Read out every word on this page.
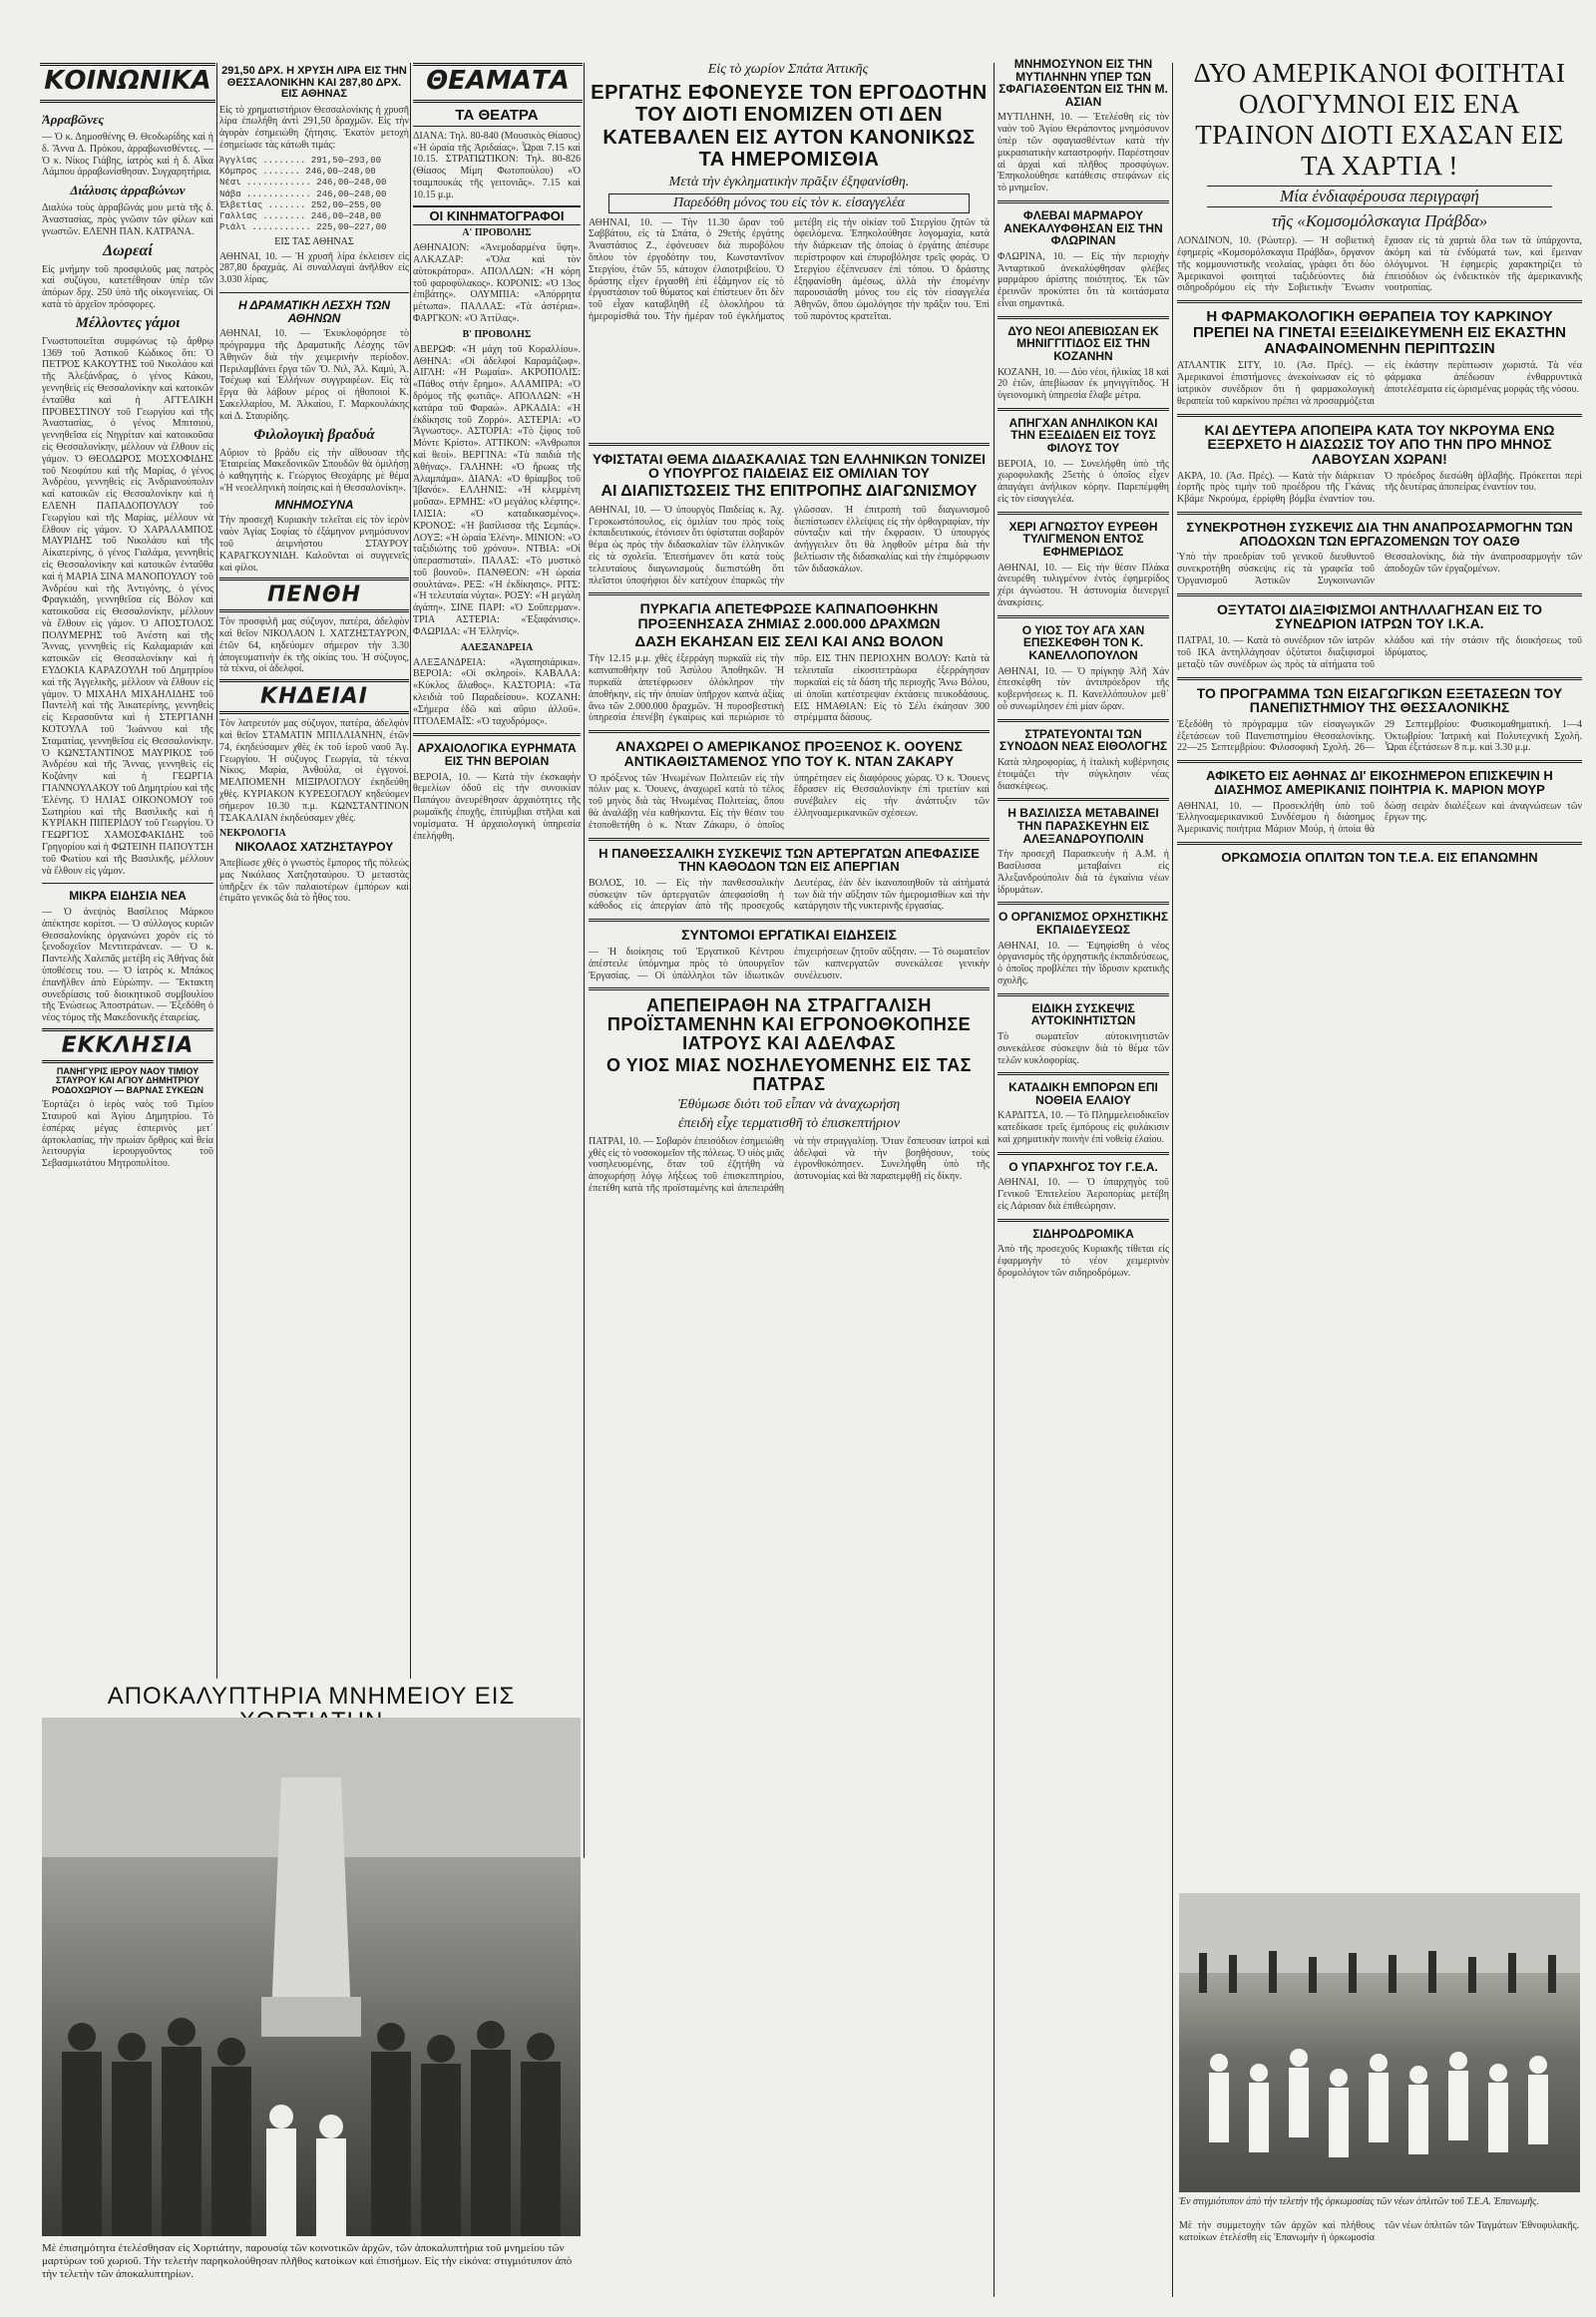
ΚΟΙΝΩΝΙΚΑ	ΘΕΑΜΑΤΑ	Εἰς τὸ χωρίον Σπάτα Ἀττικῆς
Ἀρραβῶνες
— Ὁ κ. Δημοσθένης Θ. Θεοδωρίδης καὶ ἡ δ. Ἄννα Δ. Πρόκου, ἀρραβωνισθέντες. — Ὁ κ. Νίκος Γιάβης, ἰατρὸς καὶ ἡ δ. Αἴκα Λάμπου ἀρραβωνίσθησαν. Συγχαρητήρια.
Διάλυσις ἀρραβώνων
Διαλύω τοὺς ἀρραβῶνάς μου μετὰ τῆς δ. Ἀναστασίας, πρὸς γνῶσιν τῶν φίλων καὶ γνωστῶν. ΕΛΕΝΗ ΠΑΝ. ΚΑΤΡΑΝΑ.
Δωρεαί
Εἰς μνήμην τοῦ προσφιλοῦς μας πατρὸς καὶ συζύγου, κατετέθησαν ὑπὲρ τῶν ἀπόρων δρχ. 250 ὑπὸ τῆς οἰκογενείας. Οἱ κατὰ τὸ ἀρχεῖον πρόσφορες.
Μέλλοντες γάμοι
Γνωστοποιεῖται συμφώνως τῷ ἄρθρῳ 1369 τοῦ Ἀστικοῦ Κώδικος ὅτι: Ὁ ΠΕΤΡΟΣ ΚΑΚΟΥΤΗΣ τοῦ Νικολάου καὶ τῆς Ἀλεξάνδρας, ὁ γένος Κάκου, γεννηθεὶς εἰς Θεσσαλονίκην καὶ κατοικῶν ἐνταῦθα καὶ ἡ ΑΓΓΕΛΙΚΗ ΠΡΟΒΕΣΤΙΝΟΥ τοῦ Γεωργίου καὶ τῆς Ἀναστασίας, ὁ γένος Μπιτσιού, γεννηθεῖσα εἰς Νηγρίταν καὶ κατοικοῦσα εἰς Θεσσαλονίκην, μέλλουν νὰ ἔλθουν εἰς γάμον. Ὁ ΘΕΟΔΩΡΟΣ ΜΟΣΧΟΦΙΔΗΣ τοῦ Νεοφύτου καὶ τῆς Μαρίας, ὁ γένος Ἀνδρέου, γεννηθεὶς εἰς Ἀνδριανούπολιν καὶ κατοικῶν εἰς Θεσσαλονίκην καὶ ἡ ΕΛΕΝΗ ΠΑΠΑΔΟΠΟΥΛΟΥ τοῦ Γεωργίου καὶ τῆς Μαρίας, μέλλουν νὰ ἔλθουν εἰς γάμον. Ὁ ΧΑΡΑΛΑΜΠΟΣ ΜΑΥΡΙΔΗΣ τοῦ Νικολάου καὶ τῆς Αἰκατερίνης, ὁ γένος Γιαλάμα, γεννηθεὶς εἰς Θεσσαλονίκην καὶ κατοικῶν ἐνταῦθα καὶ ἡ ΜΑΡΙΑ ΣΙΝΑ ΜΑΝΟΠΟΥΛΟΥ τοῦ Ἀνδρέου καὶ τῆς Ἀντιγόνης, ὁ γένος Φραγκιάδη, γεννηθεῖσα εἰς Βόλον καὶ κατοικοῦσα εἰς Θεσσαλονίκην, μέλλουν νὰ ἔλθουν εἰς γάμον. Ὁ ΑΠΟΣΤΟΛΟΣ ΠΟΛΥΜΕΡΗΣ τοῦ Ἀνέστη καὶ τῆς Ἄννας, γεννηθεὶς εἰς Καλαμαριάν καὶ κατοικῶν εἰς Θεσσαλονίκην καὶ ἡ ΕΥΔΟΚΙΑ ΚΑΡΑΖΟΥΛΗ τοῦ Δημητρίου καὶ τῆς Ἀγγελικῆς, μέλλουν νὰ ἔλθουν εἰς γάμον. Ὁ ΜΙΧΑΗΛ ΜΙΧΑΗΛΙΔΗΣ τοῦ Παντελῆ καὶ τῆς Ἀικατερίνης, γεννηθεὶς εἰς Κερασοῦντα καὶ ἡ ΣΤΕΡΓΙΑΝΗ ΚΟΤΟΥΛΑ τοῦ Ἰωάννου καὶ τῆς Σταματίας, γεννηθεῖσα εἰς Θεσσαλονίκην. Ὁ ΚΩΝΣΤΑΝΤΙΝΟΣ ΜΑΥΡΙΚΟΣ τοῦ Ἀνδρέου καὶ τῆς Ἄννας, γεννηθεὶς εἰς Κοζάνην καὶ ἡ ΓΕΩΡΓΙΑ ΓΙΑΝΝΟΥΛΑΚΟΥ τοῦ Δημητρίου καὶ τῆς Ἑλένης. Ὁ ΗΛΙΑΣ ΟΙΚΟΝΟΜΟΥ τοῦ Σωτηρίου καὶ τῆς Βασιλικῆς καὶ ἡ ΚΥΡΙΑΚΗ ΠΙΠΕΡΙΔΟΥ τοῦ Γεωργίου. Ὁ ΓΕΩΡΓΙΟΣ ΧΑΜΟΣΦΑΚΙΔΗΣ τοῦ Γρηγορίου καὶ ἡ ΦΩΤΕΙΝΗ ΠΑΠΟΥΤΣΗ τοῦ Φωτίου καὶ τῆς Βασιλικῆς, μέλλουν νὰ ἔλθουν εἰς γάμον.
ΜΙΚΡΑ ΕΙΔΗΣΙΑ ΝΕΑ
— Ὁ ἀνεψιὸς Βασίλειος Μάρκου ἀπέκτησε κορίτσι. — Ὁ σύλλογος κυριῶν Θεσσαλονίκης ὀργανώνει χορὸν εἰς τὸ ξενοδοχεῖον Μεντιτεράνεαν. — Ὁ κ. Παντελῆς Χαλεπᾶς μετέβη εἰς Ἀθήνας διὰ ὑποθέσεις του. — Ὁ ἰατρὸς κ. Μπάκος ἐπανῆλθεν ἀπὸ Εὐρώπην. — Ἔκτακτη συνεδρίασις τοῦ διοικητικοῦ συμβουλίου τῆς Ἑνώσεως Ἀποστράτων. — Ἐξεδόθη ὁ νέος τόμος τῆς Μακεδονικῆς ἑταιρείας.
ΕΚΚΛΗΣΙΑ
ΠΑΝΗΓΥΡΙΣ ΙΕΡΟΥ ΝΑΟΥ ΤΙΜΙΟΥ ΣΤΑΥΡΟΥ ΚΑΙ ΑΓΙΟΥ ΔΗΜΗΤΡΙΟΥ ΡΟΔΟΧΩΡΙΟΥ — ΒΑΡΝΑΣ ΣΥΚΕΩΝ
Ἑορτάζει ὁ ἱερὸς ναὸς τοῦ Τιμίου Σταυροῦ καὶ Ἁγίου Δημητρίου. Τὸ ἑσπέρας μέγας ἑσπερινὸς μετ᾽ ἀρτοκλασίας, τὴν πρωίαν ὄρθρος καὶ θεία λειτουργία ἱερουργοῦντος τοῦ Σεβασμιωτάτου Μητροπολίτου.
291,50 ΔΡΧ. Η ΧΡΥΣΗ ΛΙΡΑ ΕΙΣ ΤΗΝ ΘΕΣΣΑΛΟΝΙΚΗΝ ΚΑΙ 287,80 ΔΡΧ. ΕΙΣ ΑΘΗΝΑΣ
Εἰς τὸ χρηματιστήριον Θεσσαλονίκης ἡ χρυσῆ λίρα ἐπωλήθη ἀντὶ 291,50 δραχμῶν. Εἰς τὴν ἀγορὰν ἐσημειώθη ζήτησις. Ἑκατὸν μετοχὴ ἐσημείωσε τὰς κάτωθι τιμάς:
Ἀγγλίας ........ 291,50—293,00
Κόμπρος ....... 246,00—248,00
Νέαι ............ 246,00—248,00
Νάβα ............ 246,00—248,00
Ἑλβετίας ....... 252,00—255,00
Γαλλίας ........ 246,00—248,00
Ριάλι ........... 225,00—227,00
ΕΙΣ ΤΑΣ ΑΘΗΝΑΣ
ΑΘΗΝΑΙ, 10. — Ἡ χρυσῆ λίρα ἐκλεισεν εἰς 287,80 δραχμάς. Αἱ συναλλαγαὶ ἀνῆλθον εἰς 3.030 λίρας.
Η ΔΡΑΜΑΤΙΚΗ ΛΕΣΧΗ ΤΩΝ ΑΘΗΝΩΝ
ΑΘΗΝΑΙ, 10. — Ἐκυκλοφόρησε τὸ πρόγραμμα τῆς Δραματικῆς Λέσχης τῶν Ἀθηνῶν διὰ τὴν χειμερινὴν περίοδον. Περιλαμβάνει ἔργα τῶν Ὅ. Νιλ, Ἀλ. Καμύ, Ἀ. Τσέχωφ καὶ Ἑλλήνων συγγραφέων. Εἰς τὰ ἔργα θὰ λάβουν μέρος οἱ ἠθοποιοὶ Κ. Σακελλαρίου, Μ. Ἀλκαίου, Γ. Μαρκουλάκης καὶ Δ. Σταυρίδης.
Φιλολογικὴ βραδυά
Αὔριον τὸ βράδυ εἰς τὴν αἴθουσαν τῆς Ἑταιρείας Μακεδονικῶν Σπουδῶν θὰ ὁμιλήσῃ ὁ καθηγητὴς κ. Γεώργιος Θεοχάρης μὲ θέμα «Ἡ νεοελληνικὴ ποίησις καὶ ἡ Θεσσαλονίκη».
ΜΝΗΜΟΣΥΝΑ
Τὴν προσεχῆ Κυριακὴν τελεῖται εἰς τὸν ἱερὸν ναὸν Ἁγίας Σοφίας τὸ ἐξάμηνον μνημόσυνον τοῦ ἀειμνήστου ΣΤΑΥΡΟΥ ΚΑΡΑΓΚΟΥΝΙΔΗ. Καλοῦνται οἱ συγγενεῖς καὶ φίλοι.
ΠΕΝΘΗ
Τὸν προσφιλῆ μας σύζυγον, πατέρα, ἀδελφὸν καὶ θεῖον ΝΙΚΟΛΑΟΝ Ι. ΧΑΤΖΗΣΤΑΥΡΟΝ, ἐτῶν 64, κηδεύομεν σήμερον τὴν 3.30 ἀπογευματινὴν ἐκ τῆς οἰκίας του. Ἡ σύζυγος, τὰ τέκνα, οἱ ἀδελφοί.
ΚΗΔΕΙΑΙ
Τὸν λατρευτόν μας σύζυγον, πατέρα, ἀδελφὸν καὶ θεῖον ΣΤΑΜΑΤΙΝ ΜΠΙΛΛΙΑΝΗΝ, ἐτῶν 74, ἐκηδεύσαμεν χθὲς ἐκ τοῦ ἱεροῦ ναοῦ Ἁγ. Γεωργίου. Ἡ σύζυγος Γεωργία, τὰ τέκνα Νίκος, Μαρία, Ἀνθούλα, οἱ ἐγγονοί. ΜΕΛΠΟΜΕΝΗ ΜΙΞΙΡΛΟΓΛΟΥ ἐκηδεύθη χθὲς. ΚΥΡΙΑΚΟΝ ΚΥΡΕΣΟΓΛΟΥ κηδεύομεν σήμερον 10.30 π.μ. ΚΩΝΣΤΑΝΤΙΝΟΝ ΤΣΑΚΑΛΙΑΝ ἐκηδεύσαμεν χθές.
ΝΕΚΡΟΛΟΓΙΑ
ΝΙΚΟΛΑΟΣ ΧΑΤΖΗΣΤΑΥΡΟΥ
Ἀπεβίωσε χθὲς ὁ γνωστὸς ἔμπορος τῆς πόλεώς μας Νικόλαος Χατζησταύρου. Ὁ μεταστὰς ὑπῆρξεν ἐκ τῶν παλαιοτέρων ἐμπόρων καὶ ἐτιμᾶτο γενικῶς διὰ τὸ ἦθος του.
ΤΑ ΘΕΑΤΡΑ
ΔΙΑΝΑ: Τηλ. 80-840 (Μουσικὸς Θίασος) «Ἡ ὡραία τῆς Ἀριδαίας». Ὧραι 7.15 καὶ 10.15. ΣΤΡΑΤΙΩΤΙΚΟΝ: Τηλ. 80-826 (Θίασος Μίμη Φωτοπούλου) «Ὁ τσαμπουκάς τῆς γειτονιᾶς». 7.15 καὶ 10.15 μ.μ.
ΟΙ ΚΙΝΗΜΑΤΟΓΡΑΦΟΙ
Α' ΠΡΟΒΟΛΗΣ
ΑΘΗΝΑΙΟΝ: «Ἀνεμοδαρμένα ὕψη». ΑΛΚΑΖΑΡ: «Ὅλα καὶ τὸν αὐτοκράτορα». ΑΠΟΛΛΩΝ: «Ἡ κόρη τοῦ φαροφύλακος». ΚΟΡΟΝΙΣ: «Ὁ 13ος ἐπιβάτης». ΟΛΥΜΠΙΑ: «Ἀπόρρητα μέτωπα». ΠΑΛΛΑΣ: «Τὰ ἀστέρια». ΦΑΡΓΚΟΝ: «Ὁ Ἀττίλας».
Β' ΠΡΟΒΟΛΗΣ
ΑΒΕΡΩΦ: «Ἡ μάχη τοῦ Κοραλλίου». ΑΘΗΝΑ: «Οἱ ἀδελφοὶ Καραμάζωφ». ΑΙΓΛΗ: «Ἡ Ρωμαία». ΑΚΡΟΠΟΛΙΣ: «Πάθος στὴν ἔρημο». ΑΛΑΜΠΡΑ: «Ὁ δρόμος τῆς φωτιᾶς». ΑΠΟΛΛΩΝ: «Ἡ κατάρα τοῦ Φαραώ». ΑΡΚΑΔΙΑ: «Ἡ ἐκδίκησις τοῦ Ζορρό». ΑΣΤΕΡΙΑ: «Ὁ Ἄγνωστος». ΑΣΤΟΡΙΑ: «Τὸ ξίφος τοῦ Μόντε Κρίστο». ΑΤΤΙΚΟΝ: «Ἀνθρωποι καὶ θεοί». ΒΕΡΓΙΝΑ: «Τὰ παιδιὰ τῆς Ἀθήνας». ΓΑΛΗΝΗ: «Ὁ ἥρωας τῆς Ἀλαμπάμα». ΔΙΑΝΑ: «Ὁ θρίαμβος τοῦ Ἰβανόε». ΕΛΛΗΝΙΣ: «Ἡ κλεμμένη μοῦσα». ΕΡΜΗΣ: «Ὁ μεγάλος κλέφτης». ΙΛΙΣΙΑ: «Ὁ καταδικασμένος». ΚΡΟΝΟΣ: «Ἡ βασίλισσα τῆς Σεμπάς». ΛΟΥΞ: «Ἡ ὡραία Ἑλένη». ΜΙΝΙΟΝ: «Ὁ ταξιδιώτης τοῦ χρόνου». ΝΤΒΙΑ: «Οἱ ὑπερασπισταί». ΠΑΛΑΣ: «Τὸ μυστικὸ τοῦ βουνοῦ». ΠΑΝΘΕΟΝ: «Ἡ ὡραία σουλτάνα». ΡΕΞ: «Ἡ ἐκδίκησις». ΡΙΤΣ: «Ἡ τελευταία νύχτα». ΡΟΞΥ: «Ἡ μεγάλη ἀγάπη». ΣΙΝΕ ΠΑΡΙ: «Ὁ Σοῦπερμαν». ΤΡΙΑ ΑΣΤΕΡΙΑ: «Ἐξαφάνισις». ΦΛΩΡΙΔΑ: «Ἡ Ἑλληνίς».
ΑΛΕΞΑΝΔΡΕΙΑ
ΑΛΕΞΑΝΔΡΕΙΑ: «Ἀγαπησιάρικα». ΒΕΡΟΙΑ: «Οἱ σκληροί». ΚΑΒΑΛΑ: «Κύκλος ἄλαθος». ΚΑΣΤΟΡΙΑ: «Τὰ κλειδιὰ τοῦ Παραδείσου». ΚΟΖΑΝΗ: «Σήμερα ἐδῶ καὶ αὔριο ἀλλοῦ». ΠΤΟΛΕΜΑΪΣ: «Ὁ ταχυδρόμος».
ΑΡΧΑΙΟΛΟΓΙΚΑ ΕΥΡΗΜΑΤΑ ΕΙΣ ΤΗΝ ΒΕΡΟΙΑΝ
ΒΕΡΟΙΑ, 10. — Κατὰ τὴν ἐκσκαφὴν θεμελίων ὁδοῦ εἰς τὴν συνοικίαν Παπάγου ἀνευρέθησαν ἀρχαιότητες τῆς ρωμαϊκῆς ἐποχῆς, ἐπιτύμβιαι στῆλαι καὶ νομίσματα. Ἡ ἀρχαιολογικὴ ὑπηρεσία ἐπελήφθη.
ΕΡΓΑΤΗΣ ΕΦΟΝΕΥΣΕ ΤΟΝ ΕΡΓΟΔΟΤΗΝ ΤΟΥ ΔΙΟΤΙ ΕΝΟΜΙΖΕΝ ΟΤΙ ΔΕΝ ΚΑΤΕΒΑΛΕΝ ΕΙΣ ΑΥΤΟΝ ΚΑΝΟΝΙΚΩΣ ΤΑ ΗΜΕΡΟΜΙΣΘΙΑ
Μετὰ τὴν ἐγκληματικὴν πρᾶξιν ἐξηφανίσθη.
Παρεδόθη μόνος του εἰς τὸν κ. εἰσαγγελέα
ΑΘΗΝΑΙ, 10. — Τὴν 11.30 ὥραν τοῦ Σαββάτου, εἰς τὰ Σπάτα, ὁ 29ετὴς ἐργάτης Ἀναστάσιος Ζ., ἐφόνευσεν διὰ πυροβόλου ὅπλου τὸν ἐργοδότην του, Κωνσταντῖνον Στεργίου, ἐτῶν 55, κάτοχον ἐλαιοτριβείου. Ὁ δράστης εἶχεν ἐργασθῆ ἐπὶ ἑξάμηνον εἰς τὸ ἐργοστάσιον τοῦ θύματος καὶ ἐπίστευεν ὅτι δὲν τοῦ εἶχαν καταβληθῆ ἐξ ὁλοκλήρου τὰ ἡμερομίσθιά του. Τὴν ἡμέραν τοῦ ἐγκλήματος μετέβη εἰς τὴν οἰκίαν τοῦ Στεργίου ζητῶν τὰ ὀφειλόμενα. Ἐπηκολούθησε λογομαχία, κατὰ τὴν διάρκειαν τῆς ὁποίας ὁ ἐργάτης ἀπέσυρε περίστροφον καὶ ἐπυροβόλησε τρεῖς φοράς. Ὁ Στεργίου ἐξέπνευσεν ἐπὶ τόπου. Ὁ δράστης ἐξηφανίσθη ἀμέσως, ἀλλὰ τὴν ἐπομένην παρουσιάσθη μόνος του εἰς τὸν εἰσαγγελέα Ἀθηνῶν, ὅπου ὡμολόγησε τὴν πρᾶξιν του. Ἐπὶ τοῦ παρόντος κρατεῖται.
ΥΦΙΣΤΑΤΑΙ ΘΕΜΑ ΔΙΔΑΣΚΑΛΙΑΣ ΤΩΝ ΕΛΛΗΝΙΚΩΝ ΤΟΝΙΖΕΙ Ο ΥΠΟΥΡΓΟΣ ΠΑΙΔΕΙΑΣ ΕΙΣ ΟΜΙΛΙΑΝ ΤΟΥ
ΑΙ ΔΙΑΠΙΣΤΩΣΕΙΣ ΤΗΣ ΕΠΙΤΡΟΠΗΣ ΔΙΑΓΩΝΙΣΜΟΥ
ΑΘΗΝΑΙ, 10. — Ὁ ὑπουργὸς Παιδείας κ. Ἀχ. Γεροκωστόπουλος, εἰς ὁμιλίαν του πρὸς τοὺς ἐκπαιδευτικούς, ἐτόνισεν ὅτι ὑφίσταται σοβαρὸν θέμα ὡς πρὸς τὴν διδασκαλίαν τῶν ἑλληνικῶν εἰς τὰ σχολεῖα. Ἐπεσήμανεν ὅτι κατὰ τοὺς τελευταίους διαγωνισμοὺς διεπιστώθη ὅτι πλεῖστοι ὑποψήφιοι δὲν κατέχουν ἐπαρκῶς τὴν γλῶσσαν. Ἡ ἐπιτροπὴ τοῦ διαγωνισμοῦ διεπίστωσεν ἐλλείψεις εἰς τὴν ὀρθογραφίαν, τὴν σύνταξιν καὶ τὴν ἔκφρασιν. Ὁ ὑπουργὸς ἀνήγγειλεν ὅτι θὰ ληφθοῦν μέτρα διὰ τὴν βελτίωσιν τῆς διδασκαλίας καὶ τὴν ἐπιμόρφωσιν τῶν διδασκάλων.
ΠΥΡΚΑΓΙΑ ΑΠΕΤΕΦΡΩΣΕ ΚΑΠΝΑΠΟΘΗΚΗΝ ΠΡΟΞΕΝΗΣΑΣΑ ΖΗΜΙΑΣ 2.000.000 ΔΡΑΧΜΩΝ
ΔΑΣΗ ΕΚΑΗΣΑΝ ΕΙΣ ΣΕΛΙ ΚΑΙ ΑΝΩ ΒΟΛΟΝ
Τὴν 12.15 μ.μ. χθὲς ἐξερράγη πυρκαϊὰ εἰς τὴν καπναποθήκην τοῦ Ἀσύλου Ἀποθηκῶν. Ἡ πυρκαϊὰ ἀπετέφρωσεν ὁλόκληρον τὴν ἀποθήκην, εἰς τὴν ὁποίαν ὑπῆρχον καπνὰ ἀξίας ἄνω τῶν 2.000.000 δραχμῶν. Ἡ πυροσβεστικὴ ὑπηρεσία ἐπενέβη ἐγκαίρως καὶ περιώρισε τὸ πῦρ. ΕΙΣ ΤΗΝ ΠΕΡΙΟΧΗΝ ΒΟΛΟΥ: Κατὰ τὰ τελευταῖα εἰκοσιτετράωρα ἐξερράγησαν πυρκαϊαὶ εἰς τὰ δάση τῆς περιοχῆς Ἄνω Βόλου, αἱ ὁποῖαι κατέστρεψαν ἐκτάσεις πευκοδάσους. ΕΙΣ ΗΜΑΘΙΑΝ: Εἰς τὸ Σέλι ἐκάησαν 300 στρέμματα δάσους.
ΑΝΑΧΩΡΕΙ Ο ΑΜΕΡΙΚΑΝΟΣ ΠΡΟΞΕΝΟΣ Κ. ΟΟΥΕΝΣ ΑΝΤΙΚΑΘΙΣΤΑΜΕΝΟΣ ΥΠΟ ΤΟΥ Κ. ΝΤΑΝ ΖΑΚΑΡΥ
Ὁ πρόξενος τῶν Ἡνωμένων Πολιτειῶν εἰς τὴν πόλιν μας κ. Ὄουενς, ἀναχωρεῖ κατὰ τὸ τέλος τοῦ μηνὸς διὰ τὰς Ἡνωμένας Πολιτείας, ὅπου θὰ ἀναλάβῃ νέα καθήκοντα. Εἰς τὴν θέσιν του ἐτοποθετήθη ὁ κ. Νταν Ζάκαρυ, ὁ ὁποῖος ὑπηρέτησεν εἰς διαφόρους χώρας. Ὁ κ. Ὄουενς ἔδρασεν εἰς Θεσσαλονίκην ἐπὶ τριετίαν καὶ συνέβαλεν εἰς τὴν ἀνάπτυξιν τῶν ἑλληνοαμερικανικῶν σχέσεων.
Η ΠΑΝΘΕΣΣΑΛΙΚΗ ΣΥΣΚΕΨΙΣ ΤΩΝ ΑΡΤΕΡΓΑΤΩΝ ΑΠΕΦΑΣΙΣΕ ΤΗΝ ΚΑΘΟΔΟΝ ΤΩΝ ΕΙΣ ΑΠΕΡΓΙΑΝ
ΒΟΛΟΣ, 10. — Εἰς τὴν πανθεσσαλικὴν σύσκεψιν τῶν ἀρτεργατῶν ἀπεφασίσθη ἡ κάθοδος εἰς ἀπεργίαν ἀπὸ τῆς προσεχοῦς Δευτέρας, ἐὰν δὲν ἱκανοποιηθοῦν τὰ αἰτήματά των διὰ τὴν αὔξησιν τῶν ἡμερομισθίων καὶ τὴν κατάργησιν τῆς νυκτερινῆς ἐργασίας.
ΣΥΝΤΟΜΟΙ ΕΡΓΑΤΙΚΑΙ ΕΙΔΗΣΕΙΣ
— Ἡ διοίκησις τοῦ Ἐργατικοῦ Κέντρου ἀπέστειλε ὑπόμνημα πρὸς τὸ ὑπουργεῖον Ἐργασίας. — Οἱ ὑπάλληλοι τῶν ἰδιωτικῶν ἐπιχειρήσεων ζητοῦν αὔξησιν. — Τὸ σωματεῖον τῶν καπνεργατῶν συνεκάλεσε γενικὴν συνέλευσιν.
ΑΠΕΠΕΙΡΑΘΗ ΝΑ ΣΤΡΑΓΓΑΛΙΣΗ ΠΡΟΪΣΤΑΜΕΝΗΝ ΚΑΙ ΕΓΡΟΝΟΘΚΟΠΗΣΕ ΙΑΤΡΟΥΣ ΚΑΙ ΑΔΕΛΦΑΣ
Ο ΥΙΟΣ ΜΙΑΣ ΝΟΣΗΛΕΥΟΜΕΝΗΣ ΕΙΣ ΤΑΣ ΠΑΤΡΑΣ
Ἐθύμωσε διότι τοῦ εἶπαν νὰ ἀναχωρήση
ἐπειδὴ εἶχε τερματισθῆ τὸ ἐπισκεπτήριον
ΠΑΤΡΑΙ, 10. — Σοβαρὸν ἐπεισόδιον ἐσημειώθη χθὲς εἰς τὸ νοσοκομεῖον τῆς πόλεως. Ὁ υἱὸς μιᾶς νοσηλευομένης, ὅταν τοῦ ἐζητήθη νὰ ἀποχωρήσῃ λόγῳ λήξεως τοῦ ἐπισκεπτηρίου, ἐπετέθη κατὰ τῆς προϊσταμένης καὶ ἀπεπειράθη νὰ τὴν στραγγαλίσῃ. Ὅταν ἔσπευσαν ἰατροὶ καὶ ἀδελφαὶ νὰ τὴν βοηθήσουν, τοὺς ἐγρονθοκόπησεν. Συνελήφθη ὑπὸ τῆς ἀστυνομίας καὶ θὰ παραπεμφθῇ εἰς δίκην.
ΜΝΗΜΟΣΥΝΟΝ ΕΙΣ ΤΗΝ ΜΥΤΙΛΗΝΗΝ ΥΠΕΡ ΤΩΝ ΣΦΑΓΙΑΣΘΕΝΤΩΝ ΕΙΣ ΤΗΝ Μ. ΑΣΙΑΝ
ΜΥΤΙΛΗΝΗ, 10. — Ἐτελέσθη εἰς τὸν ναὸν τοῦ Ἁγίου Θεράποντος μνημόσυνον ὑπὲρ τῶν σφαγιασθέντων κατὰ τὴν μικρασιατικὴν καταστροφήν. Παρέστησαν αἱ ἀρχαὶ καὶ πλῆθος προσφύγων. Ἐπηκολούθησε κατάθεσις στεφάνων εἰς τὸ μνημεῖον.
ΦΛΕΒΑΙ ΜΑΡΜΑΡΟΥ ΑΝΕΚΑΛΥΦΘΗΣΑΝ ΕΙΣ ΤΗΝ ΦΛΩΡΙΝΑΝ
ΦΛΩΡΙΝΑ, 10. — Εἰς τὴν περιοχὴν Ἀνταρτικοῦ ἀνεκαλύφθησαν φλέβες μαρμάρου ἀρίστης ποιότητος. Ἐκ τῶν ἐρευνῶν προκύπτει ὅτι τὰ κοιτάσματα εἶναι σημαντικά.
ΔΥΟ ΝΕΟΙ ΑΠΕΒΙΩΣΑΝ ΕΚ ΜΗΝΙΓΓΙΤΙΔΟΣ ΕΙΣ ΤΗΝ ΚΟΖΑΝΗΝ
ΚΟΖΑΝΗ, 10. — Δύο νέοι, ἡλικίας 18 καὶ 20 ἐτῶν, ἀπεβίωσαν ἐκ μηνιγγίτιδος. Ἡ ὑγειονομικὴ ὑπηρεσία ἔλαβε μέτρα.
ΑΠΗΓΧΑΝ ΑΝΗΛΙΚΟΝ ΚΑΙ ΤΗΝ ΕΞΕΔΙΔΕΝ ΕΙΣ ΤΟΥΣ ΦΙΛΟΥΣ ΤΟΥ
ΒΕΡΟΙΑ, 10. — Συνελήφθη ὑπὸ τῆς χωροφυλακῆς 25ετὴς ὁ ὁποῖος εἶχεν ἀπαγάγει ἀνήλικον κόρην. Παρεπέμφθη εἰς τὸν εἰσαγγελέα.
ΧΕΡΙ ΑΓΝΩΣΤΟΥ ΕΥΡΕΘΗ ΤΥΛΙΓΜΕΝΟΝ ΕΝΤΟΣ ΕΦΗΜΕΡΙΔΟΣ
ΑΘΗΝΑΙ, 10. — Εἰς τὴν θέσιν Πλάκα ἀνευρέθη τυλιγμένον ἐντὸς ἐφημερίδος χέρι ἀγνώστου. Ἡ ἀστυνομία διενεργεῖ ἀνακρίσεις.
Ο ΥΙΟΣ ΤΟΥ ΑΓΑ ΧΑΝ ΕΠΕΣΚΕΦΘΗ ΤΟΝ Κ. ΚΑΝΕΛΛΟΠΟΥΛΟΝ
ΑΘΗΝΑΙ, 10. — Ὁ πρίγκηψ Ἀλῆ Χάν ἐπεσκέφθη τὸν ἀντιπρόεδρον τῆς κυβερνήσεως κ. Π. Κανελλόπουλον μεθ᾽ οὗ συνωμίλησεν ἐπὶ μίαν ὥραν.
ΣΤΡΑΤΕΥΟΝΤΑΙ ΤΩΝ ΣΥΝΟΔΟΝ ΝΕΑΣ ΕΙΘΟΛΟΓΗΣ
Κατὰ πληροφορίας, ἡ ἰταλικὴ κυβέρνησις ἐτοιμάζει τὴν σύγκλησιν νέας διασκέψεως.
Η ΒΑΣΙΛΙΣΣΑ ΜΕΤΑΒΑΙΝΕΙ ΤΗΝ ΠΑΡΑΣΚΕΥΗΝ ΕΙΣ ΑΛΕΞΑΝΔΡΟΥΠΟΛΙΝ
Τὴν προσεχῆ Παρασκευὴν ἡ Α.Μ. ἡ Βασίλισσα μεταβαίνει εἰς Ἀλεξανδρούπολιν διὰ τὰ ἐγκαίνια νέων ἱδρυμάτων.
Ο ΟΡΓΑΝΙΣΜΟΣ ΟΡΧΗΣΤΙΚΗΣ ΕΚΠΑΙΔΕΥΣΕΩΣ
ΑΘΗΝΑΙ, 10. — Ἐψηφίσθη ὁ νέος ὀργανισμὸς τῆς ὀρχηστικῆς ἐκπαιδεύσεως, ὁ ὁποῖος προβλέπει τὴν ἵδρυσιν κρατικῆς σχολῆς.
ΕΙΔΙΚΗ ΣΥΣΚΕΨΙΣ ΑΥΤΟΚΙΝΗΤΙΣΤΩΝ
Τὸ σωματεῖον αὐτοκινητιστῶν συνεκάλεσε σύσκεψιν διὰ τὸ θέμα τῶν τελῶν κυκλοφορίας.
ΚΑΤΑΔΙΚΗ ΕΜΠΟΡΩΝ ΕΠΙ ΝΟΘΕΙΑ ΕΛΑΙΟΥ
ΚΑΡΔΙΤΣΑ, 10. — Τὸ Πλημμελειοδικεῖον κατεδίκασε τρεῖς ἐμπόρους εἰς φυλάκισιν καὶ χρηματικὴν ποινὴν ἐπὶ νοθείᾳ ἐλαίου.
Ο ΥΠΑΡΧΗΓΟΣ ΤΟΥ Γ.Ε.Α.
ΑΘΗΝΑΙ, 10. — Ὁ ὑπαρχηγὸς τοῦ Γενικοῦ Ἐπιτελείου Ἀεροπορίας μετέβη εἰς Λάρισαν διὰ ἐπιθεώρησιν.
ΣΙΔΗΡΟΔΡΟΜΙΚΑ
Ἀπὸ τῆς προσεχοῦς Κυριακῆς τίθεται εἰς ἐφαρμογὴν τὸ νέον χειμερινὸν δρομολόγιον τῶν σιδηροδρόμων.
ΔΥΟ ΑΜΕΡΙΚΑΝΟΙ ΦΟΙΤΗΤΑΙ ΟΛΟΓΥΜΝΟΙ ΕΙΣ ΕΝΑ ΤΡΑΙΝΟΝ ΔΙΟΤΙ ΕΧΑΣΑΝ ΕΙΣ ΤΑ ΧΑΡΤΙΑ !
Μία ἐνδιαφέρουσα περιγραφή
τῆς «Κομσομόλσκαγια Πράβδα»
ΛΟΝΔΙΝΟΝ, 10. (Ρώυτερ). — Ἡ σοβιετικὴ ἐφημερὶς «Κομσομόλσκαγια Πράβδα», ὄργανον τῆς κομμουνιστικῆς νεολαίας, γράφει ὅτι δύο Ἀμερικανοὶ φοιτηταὶ ταξιδεύοντες διὰ σιδηροδρόμου εἰς τὴν Σοβιετικὴν Ἕνωσιν ἔχασαν εἰς τὰ χαρτιὰ ὅλα των τὰ ὑπάρχοντα, ἀκόμη καὶ τὰ ἐνδύματά των, καὶ ἔμειναν ὁλόγυμνοι. Ἡ ἐφημερὶς χαρακτηρίζει τὸ ἐπεισόδιον ὡς ἐνδεικτικὸν τῆς ἀμερικανικῆς νοοτροπίας.
Η ΦΑΡΜΑΚΟΛΟΓΙΚΗ ΘΕΡΑΠΕΙΑ ΤΟΥ ΚΑΡΚΙΝΟΥ ΠΡΕΠΕΙ ΝΑ ΓΙΝΕΤΑΙ ΕΞΕΙΔΙΚΕΥΜΕΝΗ ΕΙΣ ΕΚΑΣΤΗΝ ΑΝΑΦΑΙΝΟΜΕΝΗΝ ΠΕΡΙΠΤΩΣΙΝ
ΑΤΛΑΝΤΙΚ ΣΙΤΥ, 10. (Ἀσ. Πρές). — Ἀμερικανοὶ ἐπιστήμονες ἀνεκοίνωσαν εἰς τὸ ἰατρικὸν συνέδριον ὅτι ἡ φαρμακολογικὴ θεραπεία τοῦ καρκίνου πρέπει νὰ προσαρμόζεται εἰς ἑκάστην περίπτωσιν χωριστά. Τὰ νέα φάρμακα ἀπέδωσαν ἐνθαρρυντικὰ ἀποτελέσματα εἰς ὡρισμένας μορφὰς τῆς νόσου.
ΚΑΙ ΔΕΥΤΕΡΑ ΑΠΟΠΕΙΡΑ ΚΑΤΑ ΤΟΥ ΝΚΡΟΥΜΑ ΕΝΩ ΕΞΕΡΧΕΤΟ Η ΔΙΑΣΩΣΙΣ ΤΟΥ ΑΠΟ ΤΗΝ ΠΡΟ ΜΗΝΟΣ ΛΑΒΟΥΣΑΝ ΧΩΡΑΝ!
ΑΚΡΑ, 10. (Ἀσ. Πρές). — Κατὰ τὴν διάρκειαν ἐορτῆς πρὸς τιμὴν τοῦ προέδρου τῆς Γκάνας Κβάμε Νκρούμα, ἐρρίφθη βόμβα ἐναντίον του. Ὁ πρόεδρος διεσώθη ἀβλαβής. Πρόκειται περὶ τῆς δευτέρας ἀποπείρας ἐναντίον του.
ΣΥΝΕΚΡΟΤΗΘΗ ΣΥΣΚΕΨΙΣ ΔΙΑ ΤΗΝ ΑΝΑΠΡΟΣΑΡΜΟΓΗΝ ΤΩΝ ΑΠΟΔΟΧΩΝ ΤΩΝ ΕΡΓΑΖΟΜΕΝΩΝ ΤΟΥ ΟΑΣΘ
Ὑπὸ τὴν προεδρίαν τοῦ γενικοῦ διευθυντοῦ συνεκροτήθη σύσκεψις εἰς τὰ γραφεῖα τοῦ Ὀργανισμοῦ Ἀστικῶν Συγκοινωνιῶν Θεσσαλονίκης, διὰ τὴν ἀναπροσαρμογὴν τῶν ἀποδοχῶν τῶν ἐργαζομένων.
ΟΞΥΤΑΤΟΙ ΔΙΑΞΙΦΙΣΜΟΙ ΑΝΤΗΛΛΑΓΗΣΑΝ ΕΙΣ ΤΟ ΣΥΝΕΔΡΙΟΝ ΙΑΤΡΩΝ ΤΟΥ Ι.Κ.Α.
ΠΑΤΡΑΙ, 10. — Κατὰ τὸ συνέδριον τῶν ἰατρῶν τοῦ ΙΚΑ ἀντηλλάγησαν ὀξύτατοι διαξιφισμοὶ μεταξὺ τῶν συνέδρων ὡς πρὸς τὰ αἰτήματα τοῦ κλάδου καὶ τὴν στάσιν τῆς διοικήσεως τοῦ ἱδρύματος.
ΤΟ ΠΡΟΓΡΑΜΜΑ ΤΩΝ ΕΙΣΑΓΩΓΙΚΩΝ ΕΞΕΤΑΣΕΩΝ ΤΟΥ ΠΑΝΕΠΙΣΤΗΜΙΟΥ ΤΗΣ ΘΕΣΣΑΛΟΝΙΚΗΣ
Ἐξεδόθη τὸ πρόγραμμα τῶν εἰσαγωγικῶν ἐξετάσεων τοῦ Πανεπιστημίου Θεσσαλονίκης. 22—25 Σεπτεμβρίου: Φιλοσοφικὴ Σχολή. 26—29 Σεπτεμβρίου: Φυσικομαθηματική. 1—4 Ὀκτωβρίου: Ἰατρικὴ καὶ Πολυτεχνικὴ Σχολή. Ὧραι ἐξετάσεων 8 π.μ. καὶ 3.30 μ.μ.
ΑΦΙΚΕΤΟ ΕΙΣ ΑΘΗΝΑΣ ΔΙ' ΕΙΚΟΣΗΜΕΡΟΝ ΕΠΙΣΚΕΨΙΝ Η ΔΙΑΣΗΜΟΣ ΑΜΕΡΙΚΑΝΙΣ ΠΟΙΗΤΡΙΑ Κ. ΜΑΡΙΟΝ ΜΟΥΡ
ΑΘΗΝΑΙ, 10. — Προσεκλήθη ὑπὸ τοῦ Ἑλληνοαμερικανικοῦ Συνδέσμου ἡ διάσημος Ἀμερικανὶς ποιήτρια Μάριον Μούρ, ἡ ὁποία θὰ δώσῃ σειρὰν διαλέξεων καὶ ἀναγνώσεων τῶν ἔργων της.
ΟΡΚΩΜΟΣΙΑ ΟΠΛΙΤΩΝ ΤΟΝ Τ.Ε.Α. ΕΙΣ ΕΠΑΝΩΜΗΝ
Ἐν στιγμιότυπον ἀπὸ τὴν τελετὴν τῆς ὁρκωμοσίας τῶν νέων ὁπλιτῶν τοῦ Τ.Ε.Α. Ἐπανωμῆς.
Μὲ τὴν συμμετοχὴν τῶν ἀρχῶν καὶ πλήθους κατοίκων ἐτελέσθη εἰς Ἐπανωμὴν ἡ ὁρκωμοσία τῶν νέων ὁπλιτῶν τῶν Ταγμάτων Ἐθνοφυλακῆς.
ΑΠΟΚΑΛΥΠΤΗΡΙΑ ΜΝΗΜΕΙΟΥ ΕΙΣ
Μὲ ἐπισημότητα ἐτελέσθησαν εἰς Χορτιάτην, παρουσίᾳ τῶν κοινοτικῶν ἀρχῶν, τῶν ἀποκαλυπτήρια τοῦ μνημείου τῶν μαρτύρων τοῦ χωριοῦ. Τὴν τελετὴν παρηκολούθησαν πλῆθος κατοίκων καὶ ἐπισήμων. Εἰς τὴν εἰκόνα: στιγμιότυπον ἀπὸ τὴν τελετὴν τῶν ἀποκαλυπτηρίων.
